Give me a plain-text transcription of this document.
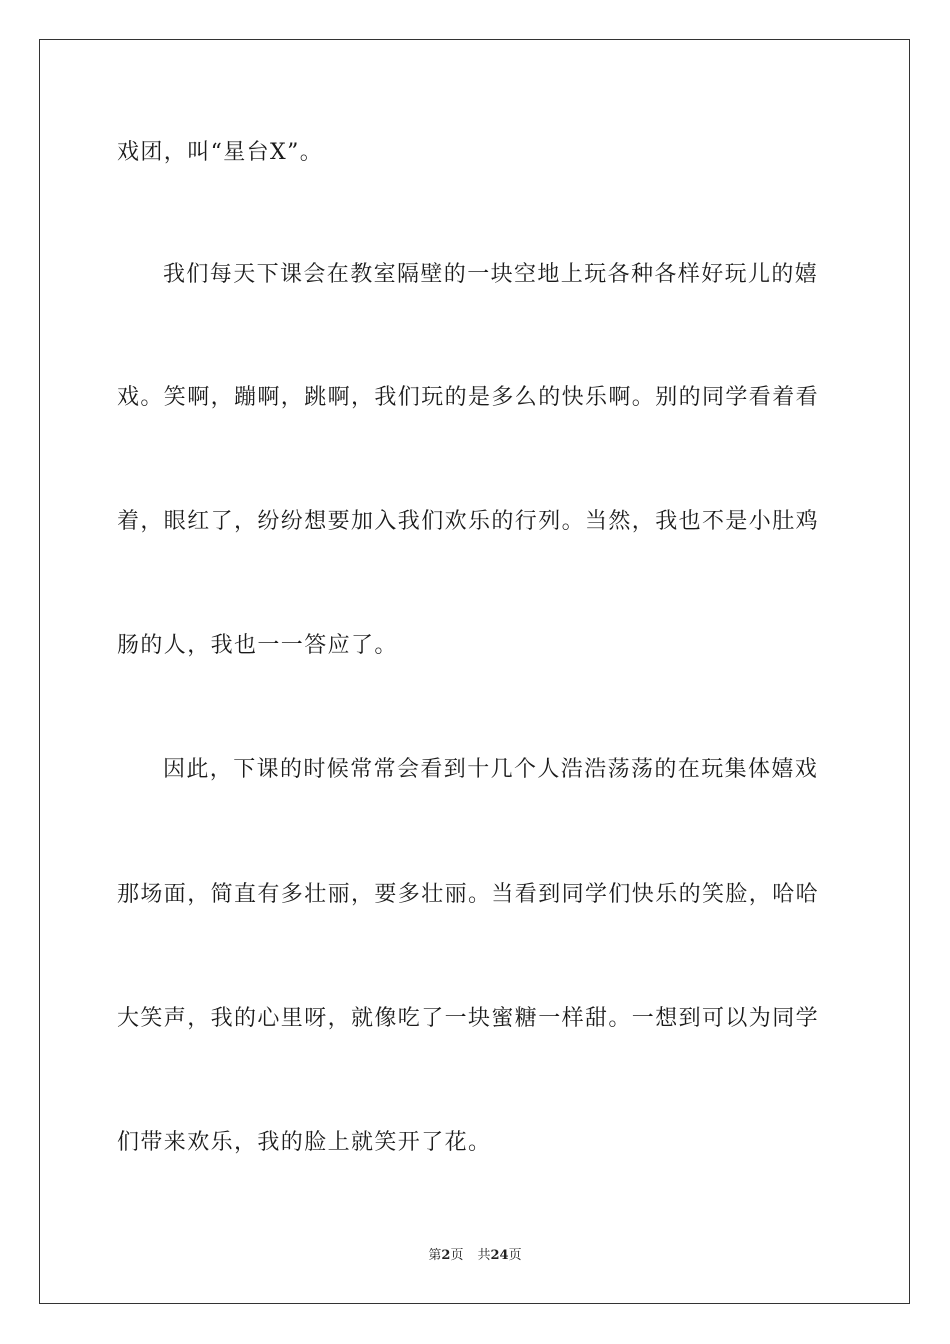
戏团，叫“星台X”。
我们每天下课会在教室隔壁的一块空地上玩各种各样好玩儿的嬉
戏。笑啊，蹦啊，跳啊，我们玩的是多么的快乐啊。别的同学看着看
着，眼红了，纷纷想要加入我们欢乐的行列。当然，我也不是小肚鸡
肠的人，我也一一答应了。
因此，下课的时候常常会看到十几个人浩浩荡荡的在玩集体嬉戏
那场面，简直有多壮丽，要多壮丽。当看到同学们快乐的笑脸，哈哈
大笑声，我的心里呀，就像吃了一块蜜糖一样甜。一想到可以为同学
们带来欢乐，我的脸上就笑开了花。
第2页 共24页
